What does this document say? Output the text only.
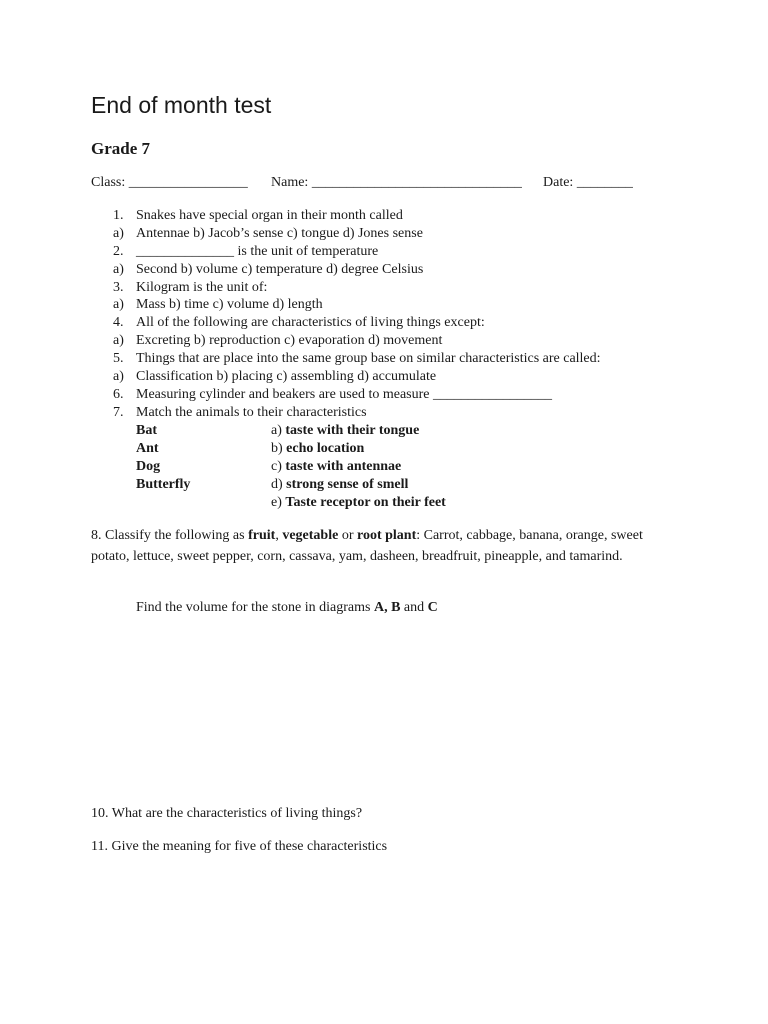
End of month test
Grade 7
Class: _________________ Name: ______________________________ Date: ________
1. Snakes have special organ in their month called
a) Antennae b) Jacob’s sense c) tongue d) Jones sense
2. ______________ is the unit of temperature
a) Second b) volume c) temperature d) degree Celsius
3. Kilogram is the unit of:
a) Mass b) time c) volume d) length
4. All of the following are characteristics of living things except:
a) Excreting b) reproduction c) evaporation d) movement
5. Things that are place into the same group base on similar characteristics are called:
a) Classification b) placing c) assembling d) accumulate
6. Measuring cylinder and beakers are used to measure _________________
7. Match the animals to their characteristics
Bat
Ant
Dog
Butterfly
a) taste with their tongue
b) echo location
c) taste with antennae
d) strong sense of smell
e) Taste receptor on their feet
8. Classify the following as fruit, vegetable or root plant: Carrot, cabbage, banana, orange, sweet potato, lettuce, sweet pepper, corn, cassava, yam, dasheen, breadfruit, pineapple, and tamarind.
Find the volume for the stone in diagrams A, B and C
10. What are the characteristics of living things?
11. Give the meaning for five of these characteristics
